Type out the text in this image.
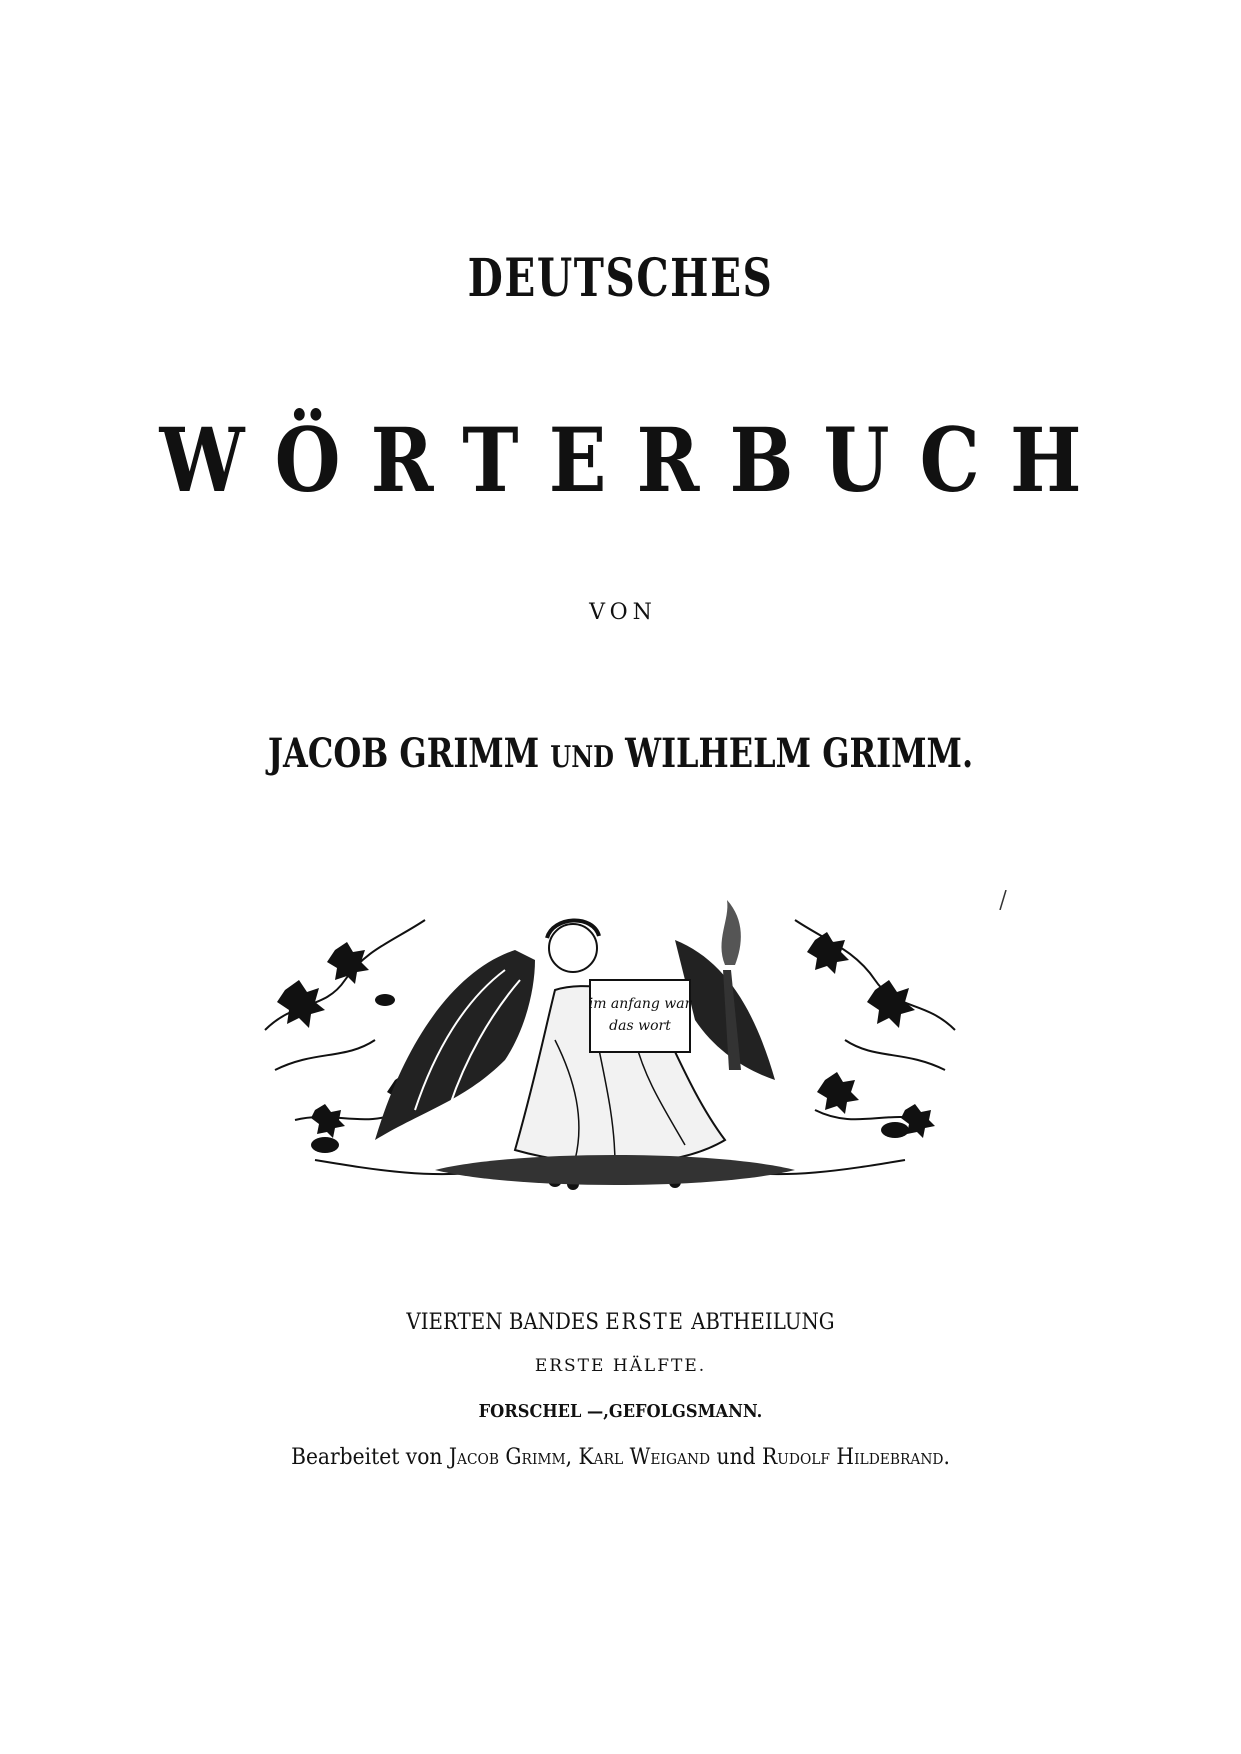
DEUTSCHES
WÖRTERBUCH
VON
JACOB GRIMM UND WILHELM GRIMM.
im anfang war
das wort
VIERTEN BANDES ERSTE ABTHEILUNG
ERSTE HÄLFTE.
FORSCHEL —,GEFOLGSMANN.
Bearbeitet von Jacob Grimm, Karl Weigand und Rudolf Hildebrand.
